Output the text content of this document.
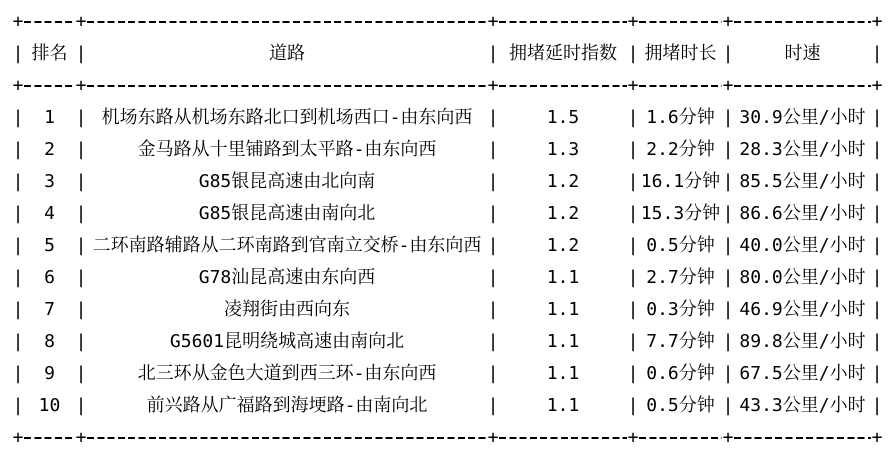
+	+	+	+	+	+
| 排名 |	道路	| 拥堵延时指数 | 拥堵时长 |	时速	|
+	+	+	+	+	+
|	1	| 机场东路从机场东路北口到机场西口-由东向西 |	1.5	| 1.6分钟 | 30.9公里/小时 |
|	2	|	金马路从十里铺路到太平路-由东向西	|	1.3	| 2.2分钟 | 28.3公里/小时 |
|	3	|	G85银昆高速由北向南	|	1.2	| 16.1分钟 | 85.5公里/小时 |
|	4	|	G85银昆高速由南向北	|	1.2	| 15.3分钟 | 86.6公里/小时 |
|	5	| 二环南路辅路从二环南路到官南立交桥-由东向西 |	1.2	| 0.5分钟 | 40.0公里/小时 |
|	6	|	G78汕昆高速由东向西	|	1.1	| 2.7分钟 | 80.0公里/小时 |
|	7	|	凌翔街由西向东	|	1.1	| 0.3分钟 | 46.9公里/小时 |
|	8	|	G5601昆明绕城高速由南向北	|	1.1	| 7.7分钟 | 89.8公里/小时 |
|	9	|	北三环从金色大道到西三环-由东向西	|	1.1	| 0.6分钟 | 67.5公里/小时 |
| 10 |	前兴路从广福路到海埂路-由南向北	|	1.1	| 0.5分钟 | 43.3公里/小时 |
+	+	+	+	+	+
